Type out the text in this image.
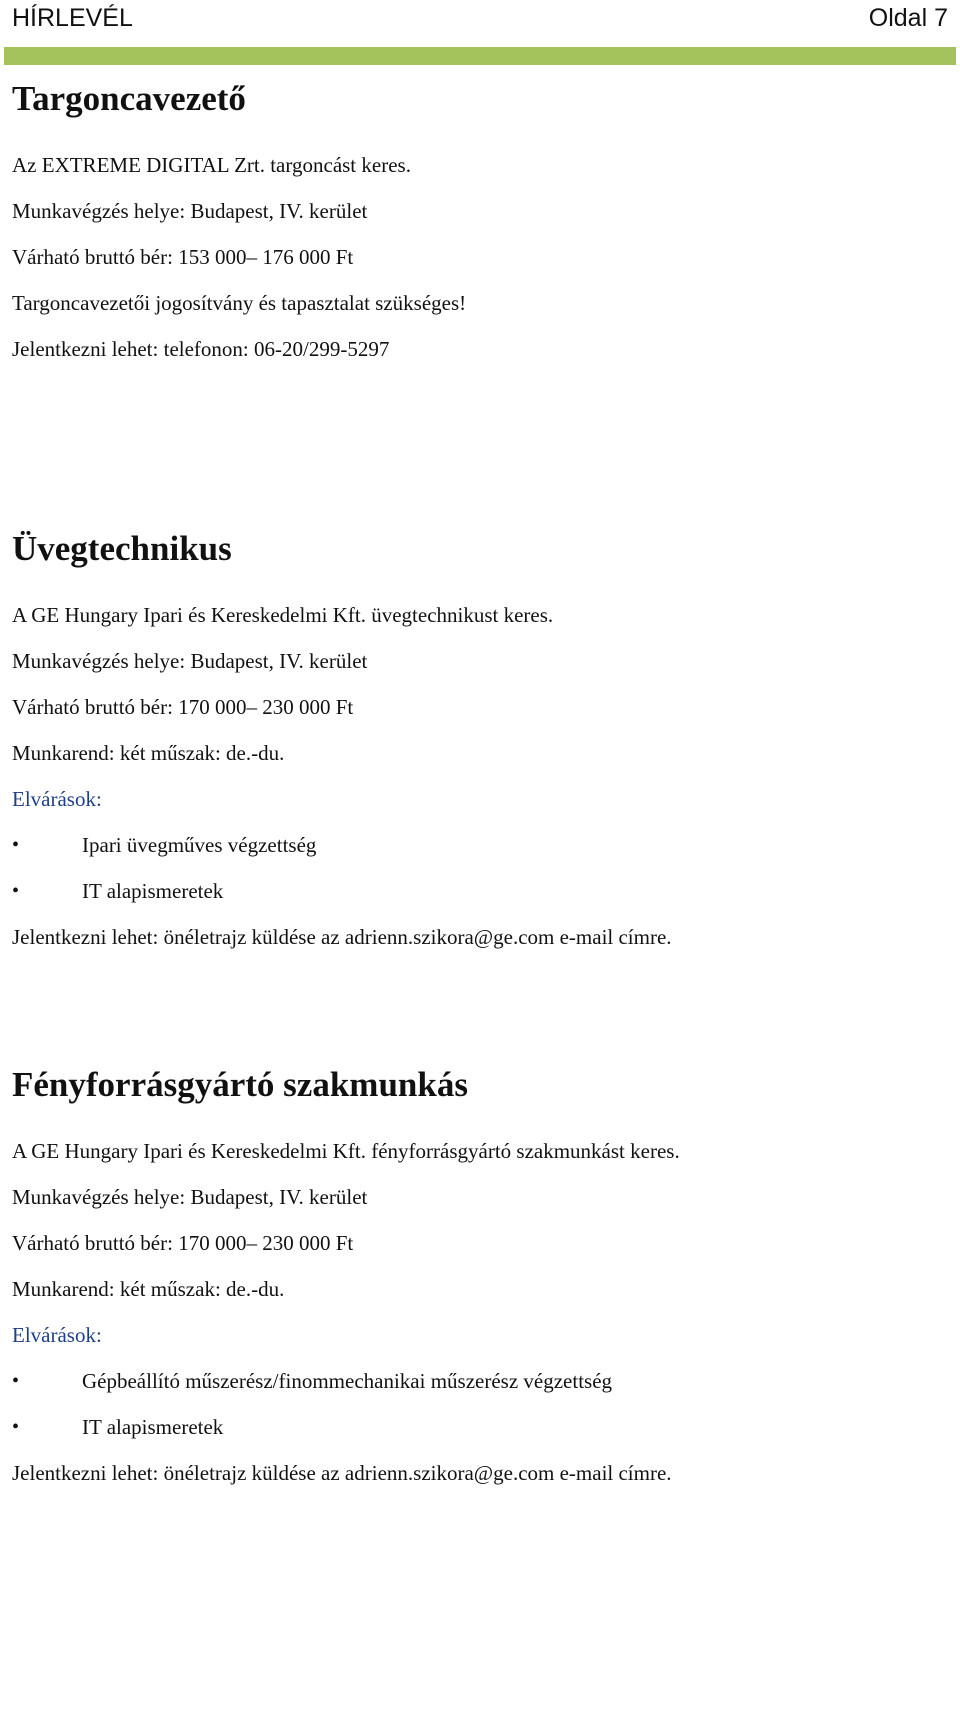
HÍRLEVÉL	Oldal 7
Targoncavezető
Az EXTREME DIGITAL Zrt. targoncást keres.
Munkavégzés helye: Budapest, IV. kerület
Várható bruttó bér: 153 000– 176 000 Ft
Targoncavezetői jogosítvány és tapasztalat szükséges!
Jelentkezni lehet: telefonon: 06-20/299-5297
Üvegtechnikus
A GE Hungary Ipari és Kereskedelmi Kft. üvegtechnikust keres.
Munkavégzés helye: Budapest, IV. kerület
Várható bruttó bér: 170 000– 230 000 Ft
Munkarend: két műszak: de.-du.
Elvárások:
•	Ipari üvegműves végzettség
•	IT alapismeretek
Jelentkezni lehet: önéletrajz küldése az adrienn.szikora@ge.com e-mail címre.
Fényforrásgyártó szakmunkás
A GE Hungary Ipari és Kereskedelmi Kft. fényforrásgyártó szakmunkást keres.
Munkavégzés helye: Budapest, IV. kerület
Várható bruttó bér: 170 000– 230 000 Ft
Munkarend: két műszak: de.-du.
Elvárások:
•	Gépbeállító műszerész/finommechanikai műszerész végzettség
•	IT alapismeretek
Jelentkezni lehet: önéletrajz küldése az adrienn.szikora@ge.com e-mail címre.
